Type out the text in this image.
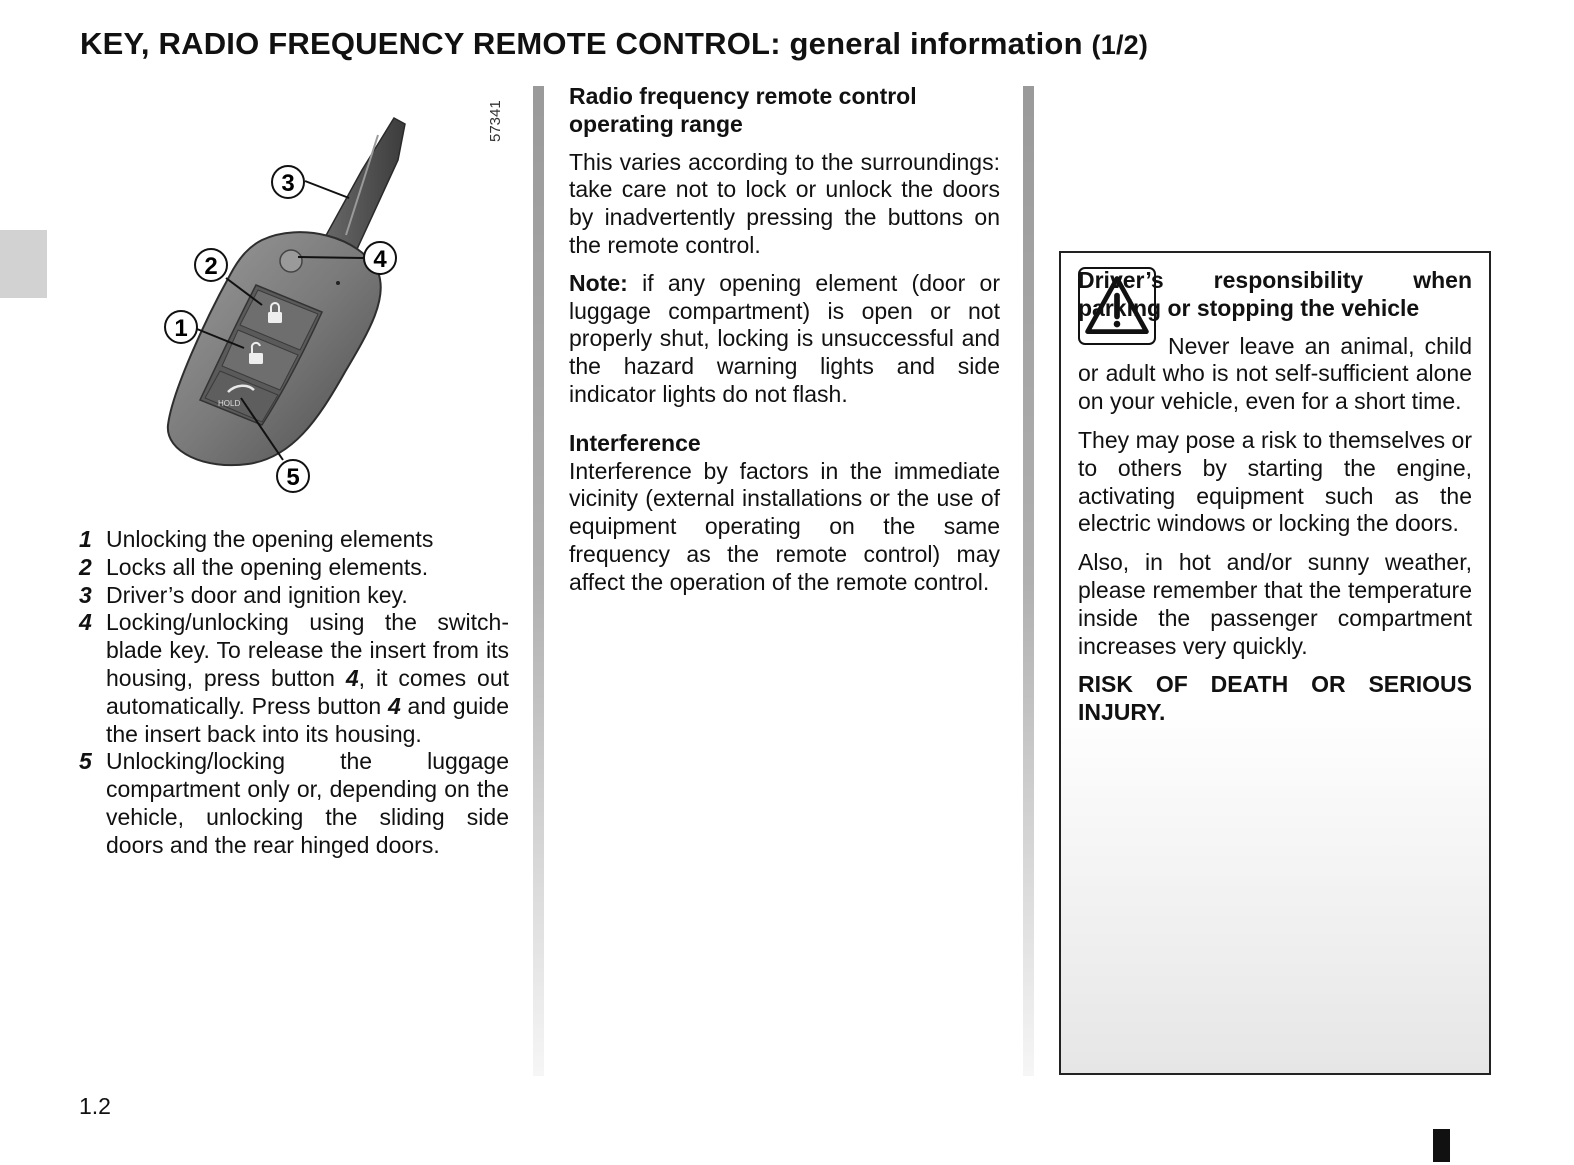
KEY, RADIO FREQUENCY REMOTE CONTROL: general information (1/2)
HOLD
3
2	4
1
5
57341
1 Unlocking the opening elements
2 Locks all the opening elements.
3 Driver’s door and ignition key.
4 Locking/unlocking using the switch-blade key. To release the insert from its housing, press button 4, it comes out automatically. Press button 4 and guide the insert back into its housing.
5 Unlocking/locking the luggage compartment only or, depending on the vehicle, unlocking the sliding side doors and the rear hinged doors.
Radio frequency remote control operating range

This varies according to the surroundings: take care not to lock or unlock the doors by inadvertently pressing the buttons on the remote control.

Note: if any opening element (door or luggage compartment) is open or not properly shut, locking is unsuccessful and the hazard warning lights and side indicator lights do not flash.

Interference

Interference by factors in the immediate vicinity (external installations or the use of equipment operating on the same frequency as the remote control) may affect the operation of the remote control.

Driver’s responsibility when parking or stopping the vehicle

Never leave an animal, child or adult who is not self-sufficient alone on your vehicle, even for a short time.

They may pose a risk to themselves or to others by starting the engine, activating equipment such as the electric windows or locking the doors.

Also, in hot and/or sunny weather, please remember that the temperature inside the passenger compartment increases very quickly.

RISK OF DEATH OR SERIOUS INJURY.

1.2
